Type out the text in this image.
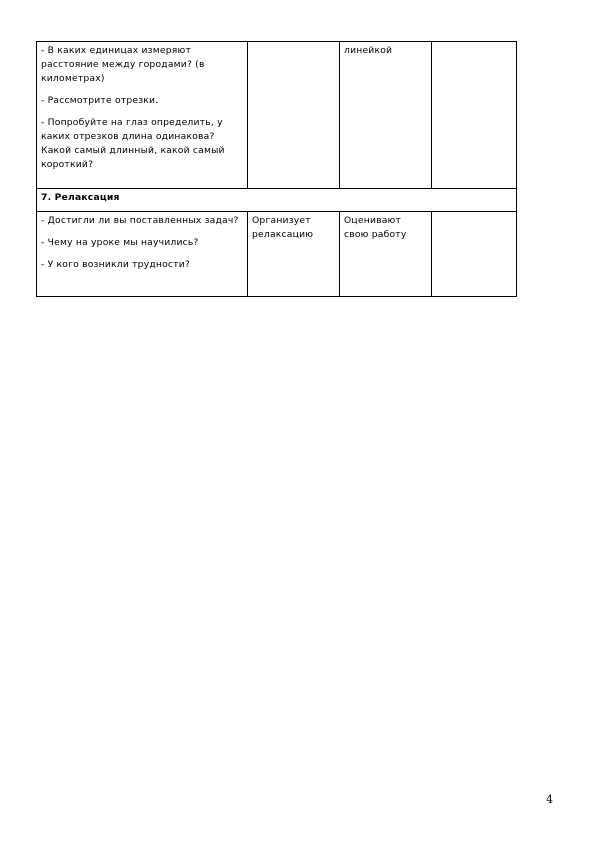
- В каких единицах измеряют расстояние между городами? (в километрах)

- Рассмотрите отрезки.

- Попробуйте на глаз определить, у каких отрезков длина одинакова? Какой самый длинный, какой самый короткий?		линейкой	
7. Релаксация			

- Достигли ли вы поставленных задач?

- Чему на уроке мы научились?

- У кого возникли трудности?	Организует релаксацию	Оценивают свою работу	
4
